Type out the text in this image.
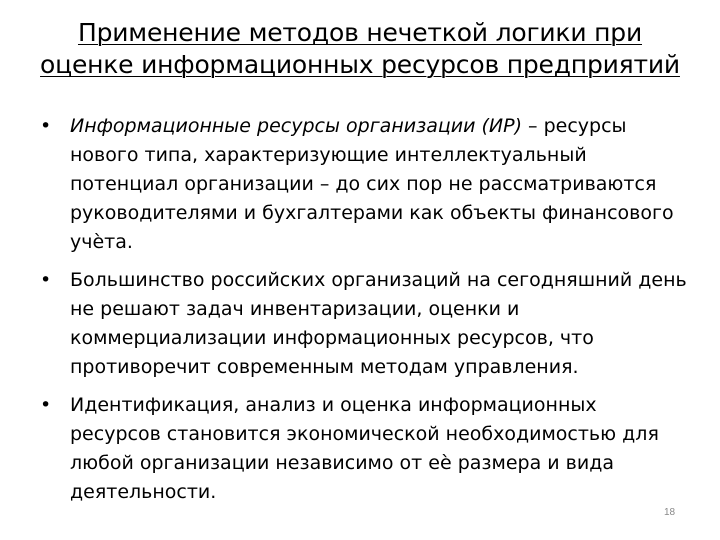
Применение методов нечеткой логики при
оценке информационных ресурсов предприятий
• Информационные ресурсы организации (ИР) – ресурсы нового типа, характеризующие интеллектуальный потенциал организации – до сих пор не рассматриваются руководителями и бухгалтерами как объекты финансового учѐта.
• Большинство российских организаций на сегодняшний день не решают задач инвентаризации, оценки и коммерциализации информационных ресурсов, что противоречит современным методам управления.
• Идентификация, анализ и оценка информационных ресурсов становится экономической необходимостью для любой организации независимо от еѐ размера и вида деятельности.
18
